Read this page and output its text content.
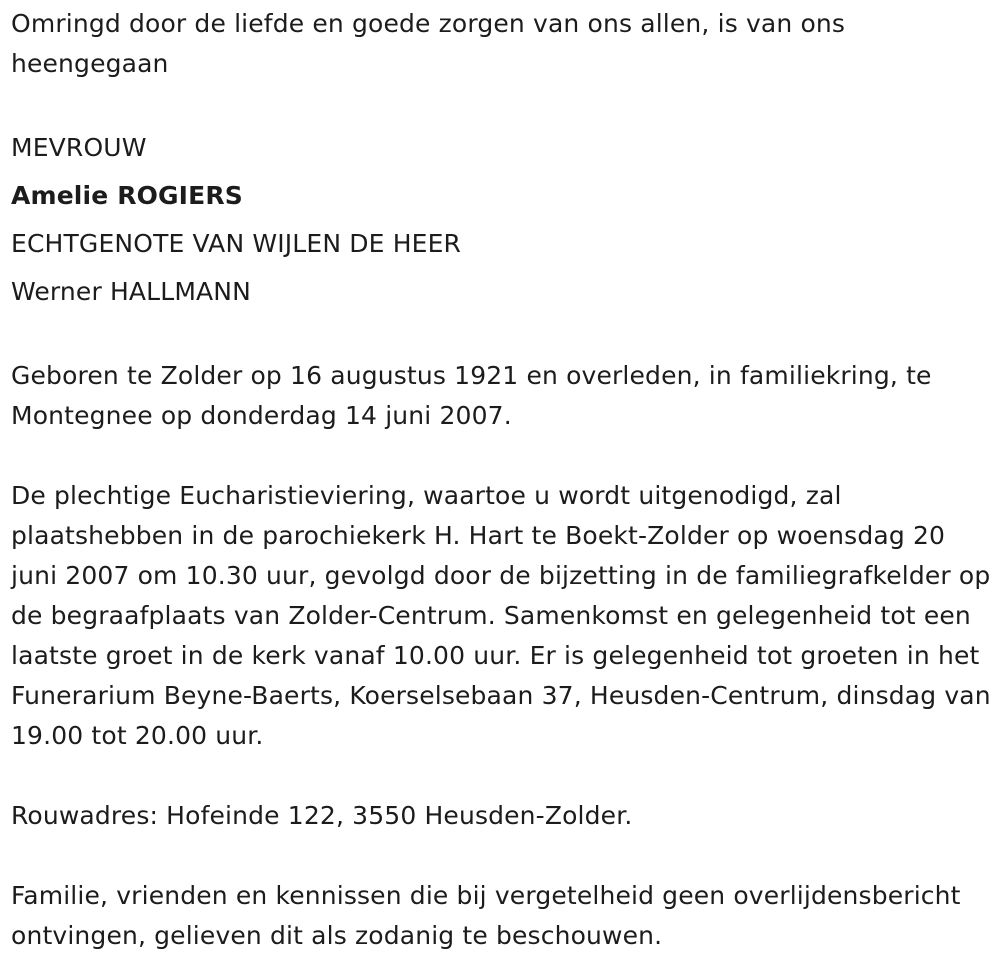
Omringd door de liefde en goede zorgen van ons allen, is van ons heengegaan

MEVROUW

Amelie ROGIERS

ECHTGENOTE VAN WIJLEN DE HEER

Werner HALLMANN

Geboren te Zolder op 16 augustus 1921 en overleden, in familiekring, te Montegnee op donderdag 14 juni 2007.

De plechtige Eucharistieviering, waartoe u wordt uitgenodigd, zal plaatshebben in de parochiekerk H. Hart te Boekt-Zolder op woensdag 20 juni 2007 om 10.30 uur, gevolgd door de bijzetting in de familiegrafkelder op de begraafplaats van Zolder-Centrum. Samenkomst en gelegenheid tot een laatste groet in de kerk vanaf 10.00 uur. Er is gelegenheid tot groeten in het Funerarium Beyne-Baerts, Koerselsebaan 37, Heusden-Centrum, dinsdag van 19.00 tot 20.00 uur.

Rouwadres: Hofeinde 122, 3550 Heusden-Zolder.

Familie, vrienden en kennissen die bij vergetelheid geen overlijdensbericht ontvingen, gelieven dit als zodanig te beschouwen.
